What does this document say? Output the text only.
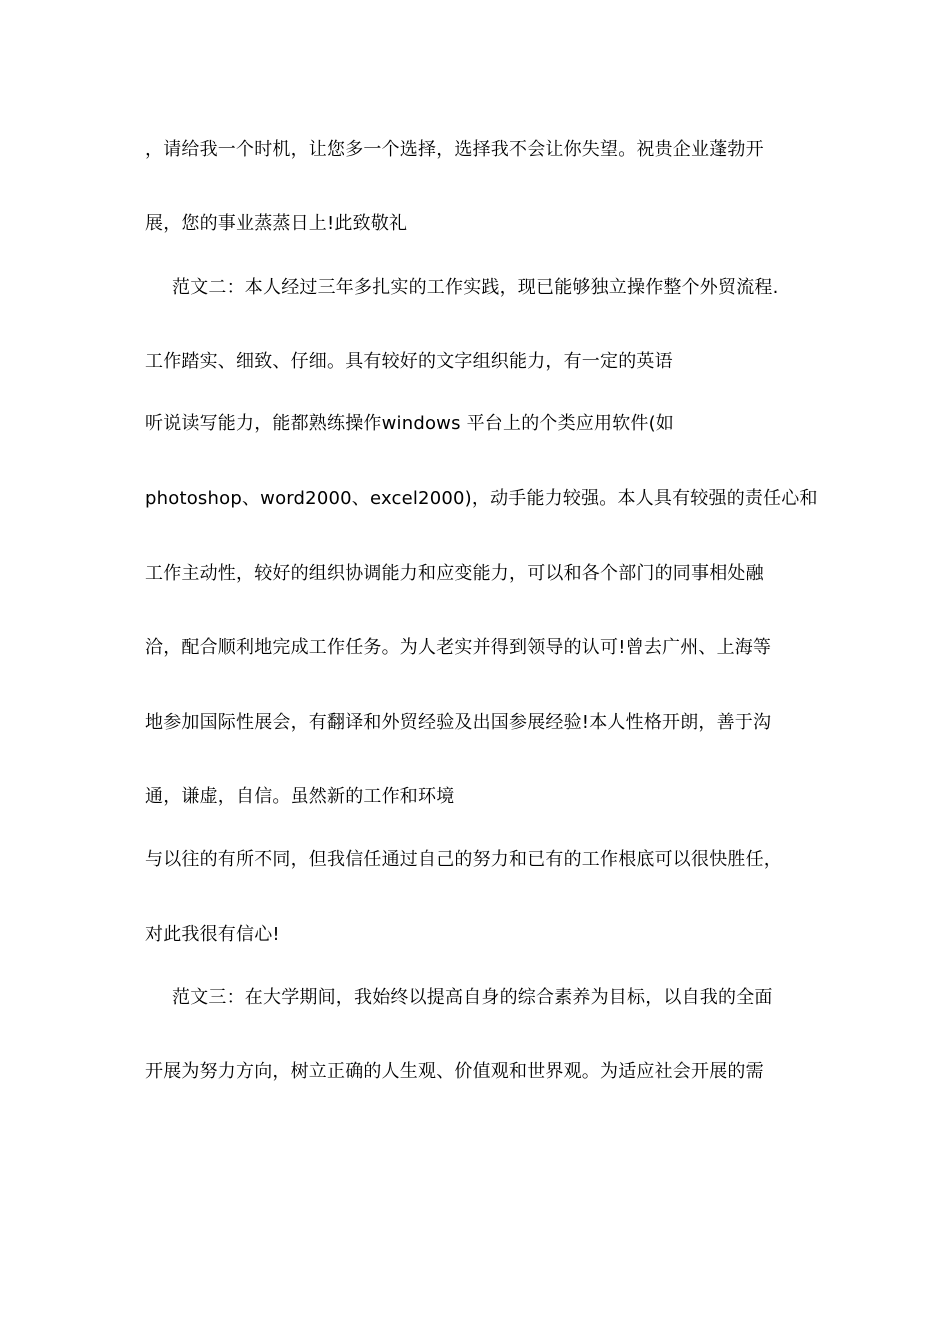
，请给我一个时机，让您多一个选择，选择我不会让你失望。祝贵企业蓬勃开
展，您的事业蒸蒸日上!此致敬礼
范文二：本人经过三年多扎实的工作实践，现已能够独立操作整个外贸流程.
工作踏实、细致、仔细。具有较好的文字组织能力，有一定的英语
听说读写能力，能都熟练操作windows 平台上的个类应用软件(如
photoshop、word2000、excel2000)，动手能力较强。本人具有较强的责任心和
工作主动性，较好的组织协调能力和应变能力，可以和各个部门的同事相处融
洽，配合顺利地完成工作任务。为人老实并得到领导的认可!曾去广州、上海等
地参加国际性展会，有翻译和外贸经验及出国参展经验!本人性格开朗，善于沟
通，谦虚，自信。虽然新的工作和环境
与以往的有所不同，但我信任通过自己的努力和已有的工作根底可以很快胜任，
对此我很有信心!
范文三：在大学期间，我始终以提高自身的综合素养为目标，以自我的全面
开展为努力方向，树立正确的人生观、价值观和世界观。为适应社会开展的需
